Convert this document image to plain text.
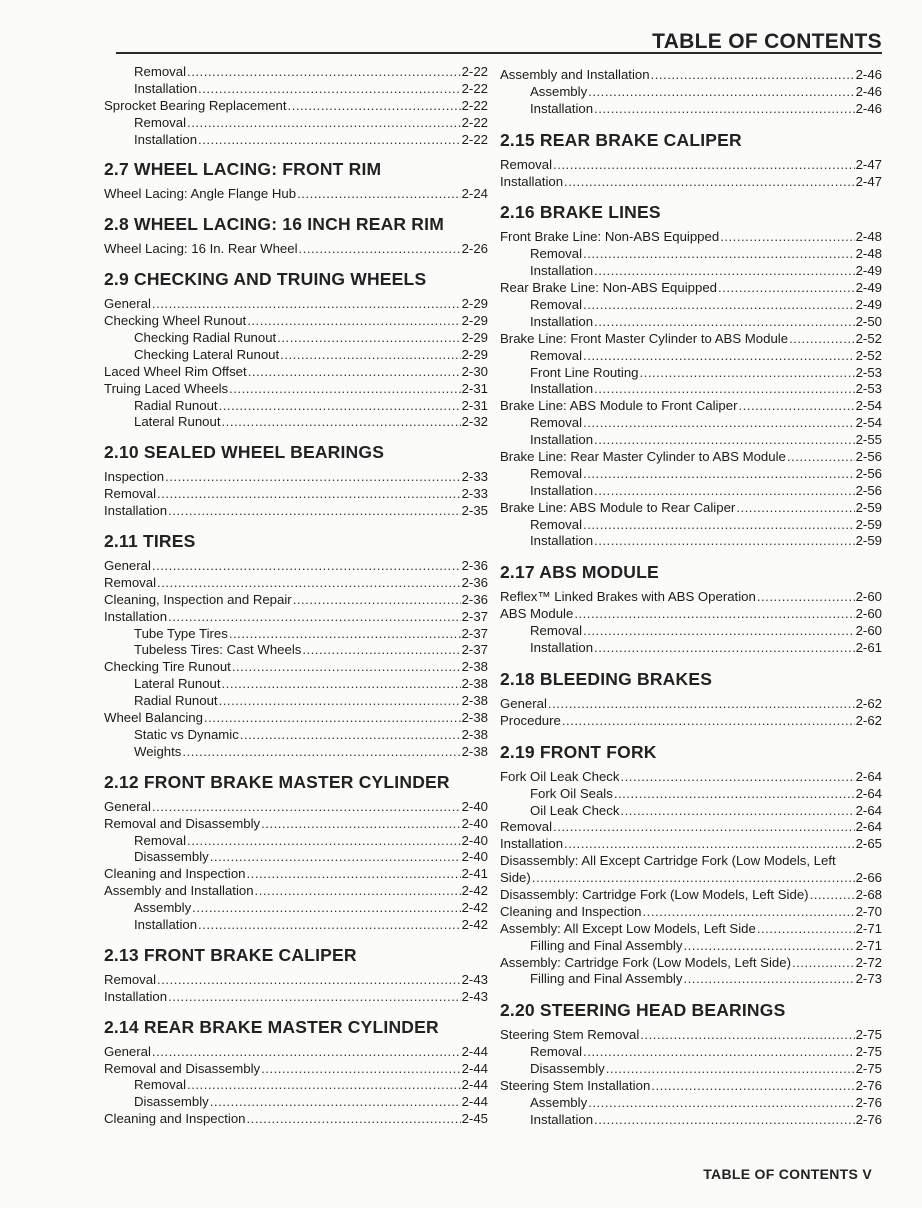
TABLE OF CONTENTS
Removal .....	2-22
Installation .....	2-22
Sprocket Bearing Replacement .....	2-22
Removal .....	2-22
Installation .....	2-22
2.7 WHEEL LACING: FRONT RIM
Wheel Lacing: Angle Flange Hub .....	2-24
2.8 WHEEL LACING: 16 INCH REAR RIM
Wheel Lacing: 16 In. Rear Wheel .....	2-26
2.9 CHECKING AND TRUING WHEELS
General .....	2-29
Checking Wheel Runout .....	2-29
Checking Radial Runout .....	2-29
Checking Lateral Runout .....	2-29
Laced Wheel Rim Offset .....	2-30
Truing Laced Wheels .....	2-31
Radial Runout .....	2-31
Lateral Runout .....	2-32
2.10 SEALED WHEEL BEARINGS
Inspection .....	2-33
Removal .....	2-33
Installation .....	2-35
2.11 TIRES
General .....	2-36
Removal .....	2-36
Cleaning, Inspection and Repair .....	2-36
Installation .....	2-37
Tube Type Tires .....	2-37
Tubeless Tires: Cast Wheels .....	2-37
Checking Tire Runout .....	2-38
Lateral Runout .....	2-38
Radial Runout .....	2-38
Wheel Balancing .....	2-38
Static vs Dynamic .....	2-38
Weights .....	2-38
2.12 FRONT BRAKE MASTER CYLINDER
General .....	2-40
Removal and Disassembly .....	2-40
Removal .....	2-40
Disassembly .....	2-40
Cleaning and Inspection .....	2-41
Assembly and Installation .....	2-42
Assembly .....	2-42
Installation .....	2-42
2.13 FRONT BRAKE CALIPER
Removal .....	2-43
Installation .....	2-43
2.14 REAR BRAKE MASTER CYLINDER
General .....	2-44
Removal and Disassembly .....	2-44
Removal .....	2-44
Disassembly .....	2-44
Cleaning and Inspection .....	2-45
Assembly and Installation .....	2-46
Assembly .....	2-46
Installation .....	2-46
2.15 REAR BRAKE CALIPER
Removal .....	2-47
Installation .....	2-47
2.16 BRAKE LINES
Front Brake Line: Non-ABS Equipped .....	2-48
Removal .....	2-48
Installation .....	2-49
Rear Brake Line: Non-ABS Equipped .....	2-49
Removal .....	2-49
Installation .....	2-50
Brake Line: Front Master Cylinder to ABS Module .....	2-52
Removal .....	2-52
Front Line Routing .....	2-53
Installation .....	2-53
Brake Line: ABS Module to Front Caliper .....	2-54
Removal .....	2-54
Installation .....	2-55
Brake Line: Rear Master Cylinder to ABS Module .....	2-56
Removal .....	2-56
Installation .....	2-56
Brake Line: ABS Module to Rear Caliper .....	2-59
Removal .....	2-59
Installation .....	2-59
2.17 ABS MODULE
Reflex™ Linked Brakes with ABS Operation .....	2-60
ABS Module .....	2-60
Removal .....	2-60
Installation .....	2-61
2.18 BLEEDING BRAKES
General .....	2-62
Procedure .....	2-62
2.19 FRONT FORK
Fork Oil Leak Check .....	2-64
Fork Oil Seals .....	2-64
Oil Leak Check .....	2-64
Removal .....	2-64
Installation .....	2-65
Disassembly: All Except Cartridge Fork (Low Models, Left
Side) .....	2-66
Disassembly: Cartridge Fork (Low Models, Left Side) .....	2-68
Cleaning and Inspection .....	2-70
Assembly: All Except Low Models, Left Side .....	2-71
Filling and Final Assembly .....	2-71
Assembly: Cartridge Fork (Low Models, Left Side) .....	2-72
Filling and Final Assembly .....	2-73
2.20 STEERING HEAD BEARINGS
Steering Stem Removal .....	2-75
Removal .....	2-75
Disassembly .....	2-75
Steering Stem Installation .....	2-76
Assembly .....	2-76
Installation .....	2-76
TABLE OF CONTENTS V
